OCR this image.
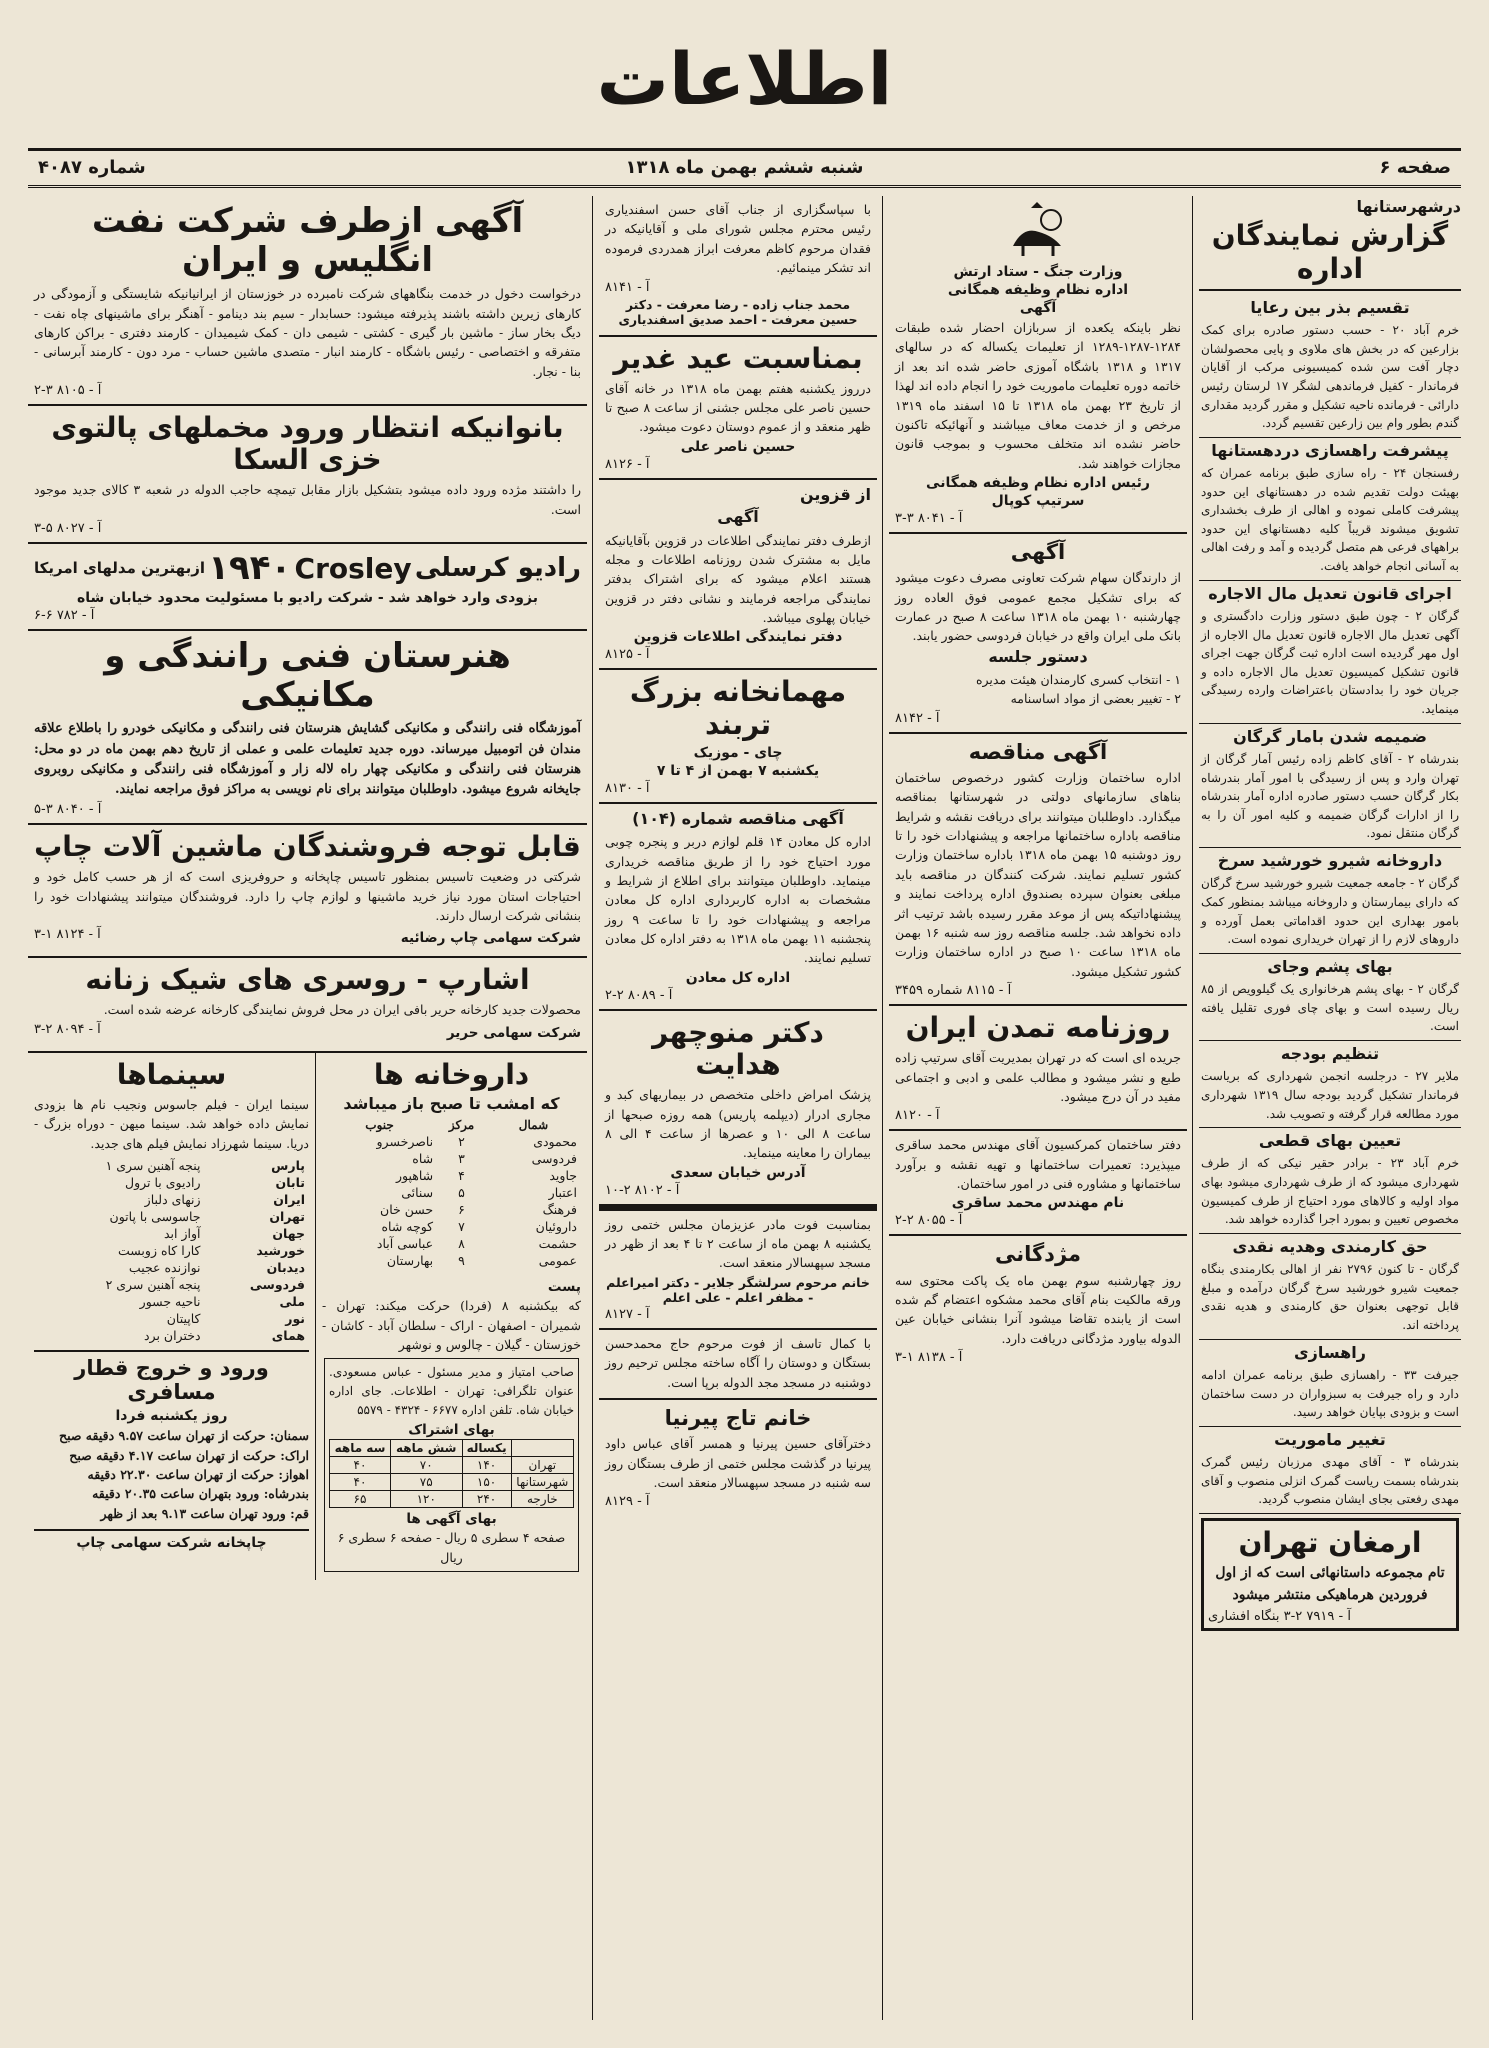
اطلاعات
صفحه ۶
شنبه ششم بهمن ماه ۱۳۱۸
شماره ۴۰۸۷
درشهرستانها
گزارش نمایندگان اداره
تقسیم بذر بین رعایا

خرم آباد ۲۰ - حسب دستور صادره برای کمک بزارعین که در بخش های ملاوی و پایی محصولشان دچار آفت سن شده کمیسیونی مرکب از آقایان فرماندار - کفیل فرماندهی لشگر ۱۷ لرستان رئیس دارائی - فرمانده ناحیه تشکیل و مقرر گردید مقداری گندم بطور وام بین زارعین تقسیم گردد.

پیشرفت راهسازی دردهستانها

رفسنجان ۲۴ - راه سازی طبق برنامه عمران که بهیئت دولت تقدیم شده در دهستانهای این حدود پیشرفت کاملی نموده و اهالی از طرف بخشداری تشویق میشوند قریباً کلیه دهستانهای این حدود براههای فرعی هم متصل گردیده و آمد و رفت اهالی به آسانی انجام خواهد یافت.

اجرای قانون تعدیل مال الاجاره

گرگان ۲ - چون طبق دستور وزارت دادگستری و آگهی تعدیل مال الاجاره قانون تعدیل مال الاجاره از اول مهر گردیده است اداره ثبت گرگان جهت اجرای قانون تشکیل کمیسیون تعدیل مال الاجاره داده و جریان خود را بدادستان باعتراضات وارده رسیدگی مینماید.

ضمیمه شدن بامار گرگان

بندرشاه ۲ - آقای کاظم زاده رئیس آمار گرگان از تهران وارد و پس از رسیدگی با امور آمار بندرشاه بکار گرگان حسب دستور صادره اداره آمار بندرشاه را از ادارات گرگان ضمیمه و کلیه امور آن را به گرگان منتقل نمود.

داروخانه شیرو خورشید سرخ

گرگان ۲ - جامعه جمعیت شیرو خورشید سرخ گرگان که دارای بیمارستان و داروخانه میباشد بمنظور کمک بامور بهداری این حدود اقداماتی بعمل آورده و داروهای لازم را از تهران خریداری نموده است.

بهای پشم وجای

گرگان ۲ - بهای پشم هرخانواری یک گیلوویص از ۸۵ ریال رسیده است و بهای چای فوری تقلیل یافته است.

تنظیم بودجه

ملایر ۲۷ - درجلسه انجمن شهرداری که بریاست فرماندار تشکیل گردید بودجه سال ۱۳۱۹ شهرداری مورد مطالعه قرار گرفته و تصویب شد.

تعیین بهای قطعی

خرم آباد ۲۳ - برادر حقیر نیکی که از طرف شهرداری میشود که از طرف شهرداری میشود بهای مواد اولیه و کالاهای مورد احتیاج از طرف کمیسیون مخصوص تعیین و بمورد اجرا گذارده خواهد شد.

حق کارمندی وهدیه نقدی

گرگان - تا کنون ۲۷۹۶ نفر از اهالی بکارمندی بنگاه جمعیت شیرو خورشید سرخ گرگان درآمده و مبلغ قابل توجهی بعنوان حق کارمندی و هدیه نقدی پرداخته اند.

راهسازی

جیرفت ۳۳ - راهسازی طبق برنامه عمران ادامه دارد و راه جیرفت به سبزواران در دست ساختمان است و بزودی بپایان خواهد رسید.

تغییر ماموریت

بندرشاه ۳ - آقای مهدی مرزبان رئیس گمرک بندرشاه بسمت ریاست گمرک انزلی منصوب و آقای مهدی رفعتی بجای ایشان منصوب گردید.

ارمغان تهران

تام مجموعه داستانهائی است که از اول فروردین هرماهیکی منتشر میشود

آ - ۷۹۱۹ ۲-۳ بنگاه افشاری
وزارت جنگ - ستاد ارتش
اداره نظام وظیفه همگانی
آگهی

نظر باینکه یکعده از سربازان احضار شده طبقات ۱۲۸۴-۱۲۸۷-۱۲۸۹ از تعلیمات یکساله که در سالهای ۱۳۱۷ و ۱۳۱۸ باشگاه آموزی حاضر شده اند بعد از خاتمه دوره تعلیمات ماموریت خود را انجام داده اند لهذا از تاریخ ۲۳ بهمن ماه ۱۳۱۸ تا ۱۵ اسفند ماه ۱۳۱۹ مرخص و از خدمت معاف میباشند و آنهائیکه تاکنون حاضر نشده اند متخلف محسوب و بموجب قانون مجازات خواهند شد.

رئیس اداره نظام وظیفه همگانی
سرتیپ کوپال
آ - ۸۰۴۱ ۳-۳
آگهی

از دارندگان سهام شرکت تعاونی مصرف دعوت میشود که برای تشکیل مجمع عمومی فوق العاده روز چهارشنبه ۱۰ بهمن ماه ۱۳۱۸ ساعت ۸ صبح در عمارت بانک ملی ایران واقع در خیابان فردوسی حضور یابند.

دستور جلسه

۱ - انتخاب کسری کارمندان هیئت مدیره

۲ - تغییر بعضی از مواد اساسنامه

آ - ۸۱۴۲
آگهی مناقصه

اداره ساختمان وزارت کشور درخصوص ساختمان بناهای سازمانهای دولتی در شهرستانها بمناقصه میگذارد. داوطلبان میتوانند برای دریافت نقشه و شرایط مناقصه باداره ساختمانها مراجعه و پیشنهادات خود را تا روز دوشنبه ۱۵ بهمن ماه ۱۳۱۸ باداره ساختمان وزارت کشور تسلیم نمایند. شرکت کنندگان در مناقصه باید مبلغی بعنوان سپرده بصندوق اداره پرداخت نمایند و پیشنهاداتیکه پس از موعد مقرر رسیده باشد ترتیب اثر داده نخواهد شد. جلسه مناقصه روز سه شنبه ۱۶ بهمن ماه ۱۳۱۸ ساعت ۱۰ صبح در اداره ساختمان وزارت کشور تشکیل میشود.

آ - ۸۱۱۵ شماره ۳۴۵۹
روزنامه تمدن ایران

جریده ای است که در تهران بمدیریت آقای سرتیپ زاده طبع و نشر میشود و مطالب علمی و ادبی و اجتماعی مفید در آن درج میشود.

آ - ۸۱۲۰

دفتر ساختمان کمرکسیون آقای مهندس محمد ساقری میپذیرد: تعمیرات ساختمانها و تهیه نقشه و برآورد ساختمانها و مشاوره فنی در امور ساختمان.

نام مهندس محمد ساقری
آ - ۸۰۵۵ ۲-۲
مژدگانی

روز چهارشنبه سوم بهمن ماه یک پاکت محتوی سه ورقه مالکیت بنام آقای محمد مشکوه اعتضام گم شده است از یابنده تقاضا میشود آنرا بنشانی خیابان عین الدوله بیاورد مژدگانی دریافت دارد.

آ - ۸۱۳۸ ۱-۳

با سپاسگزاری از جناب آقای حسن اسفندیاری رئیس محترم مجلس شورای ملی و آقایانیکه در فقدان مرحوم کاظم معرفت ابراز همدردی فرموده اند تشکر مینمائیم.

آ - ۸۱۴۱
محمد جناب زاده - رضا معرفت - دکتر حسین معرفت - احمد صدیق اسفندیاری
بمناسبت عید غدیر

درروز یکشنبه هفتم بهمن ماه ۱۳۱۸ در خانه آقای حسین ناصر علی مجلس جشنی از ساعت ۸ صبح تا ظهر منعقد و از عموم دوستان دعوت میشود.

حسین ناصر علی
آ - ۸۱۲۶
از قزوین
آگهی

ازطرف دفتر نمایندگی اطلاعات در قزوین بآقایانیکه مایل به مشترک شدن روزنامه اطلاعات و مجله هستند اعلام میشود که برای اشتراک بدفتر نمایندگی مراجعه فرمایند و نشانی دفتر در قزوین خیابان پهلوی میباشد.

دفتر نمایندگی اطلاعات قزوین
آ - ۸۱۲۵
مهمانخانه بزرگ تربند
چای - موزیک
یکشنبه ۷ بهمن از ۴ تا ۷
آ - ۸۱۳۰
آگهی مناقصه شماره (۱۰۴)

اداره کل معادن ۱۴ قلم لوازم دربر و پنجره چوبی مورد احتیاج خود را از طریق مناقصه خریداری مینماید. داوطلبان میتوانند برای اطلاع از شرایط و مشخصات به اداره کاربرداری اداره کل معادن مراجعه و پیشنهادات خود را تا ساعت ۹ روز پنجشنبه ۱۱ بهمن ماه ۱۳۱۸ به دفتر اداره کل معادن تسلیم نمایند.

اداره کل معادن
آ - ۸۰۸۹ ۲-۲
دکتر منوچهر هدایت

پزشک امراض داخلی متخصص در بیماریهای کبد و مجاری ادرار (دیپلمه پاریس) همه روزه صبحها از ساعت ۸ الی ۱۰ و عصرها از ساعت ۴ الی ۸ بیماران را معاینه مینماید.

آدرس خیابان سعدی
آ - ۸۱۰۲ ۲-۱۰

بمناسبت فوت مادر عزیزمان مجلس ختمی روز یکشنبه ۸ بهمن ماه از ساعت ۲ تا ۴ بعد از ظهر در مسجد سپهسالار منعقد است.

خانم مرحوم سرلشگر جلایر - دکتر امیراعلم - مظفر اعلم - علی اعلم
آ - ۸۱۲۷

با کمال تاسف از فوت مرحوم حاج محمدحسن بستگان و دوستان را آگاه ساخته مجلس ترحیم روز دوشنبه در مسجد مجد الدوله برپا است.

خانم تاج پیرنیا

دخترآقای حسین پیرنیا و همسر آقای عباس داود پیرنیا در گذشت مجلس ختمی از طرف بستگان روز سه شنبه در مسجد سپهسالار منعقد است.

آ - ۸۱۲۹
آگهی ازطرف شرکت نفت انگلیس و ایران

درخواست دخول در خدمت بنگاههای شرکت نامبرده در خوزستان از ایرانیانیکه شایستگی و آزمودگی در کارهای زیرین داشته باشند پذیرفته میشود: حسابدار - سیم بند دینامو - آهنگر برای ماشینهای چاه نفت - دیگ بخار ساز - ماشین بار گیری - کشتی - شیمی دان - کمک شیمیدان - کارمند دفتری - براکن کارهای متفرقه و اختصاصی - رئیس باشگاه - کارمند انبار - متصدی ماشین حساب - مرد دون - کارمند آبرسانی - بنا - نجار.

آ - ۸۱۰۵ ۳-۲
بانوانیکه انتظار ورود مخملهای پالتوی خزی السکا

را داشتند مژده ورود داده میشود بتشکیل بازار مقابل تیمچه حاجب الدوله در شعبه ۳ کالای جدید موجود است.

آ - ۸۰۲۷ ۵-۳
رادیو کرسلی
Crosley
۱۹۴۰
ازبهترین مدلهای امریکا
بزودی وارد خواهد شد - شرکت رادیو با مسئولیت محدود خیابان شاه
آ - ۷۸۲ ۶-۶
هنرستان فنی رانندگی و مکانیکی

آموزشگاه فنی رانندگی و مکانیکی گشایش هنرستان فنی رانندگی و مکانیکی خودرو را باطلاع علاقه مندان فن اتومبیل میرساند. دوره جدید تعلیمات علمی و عملی از تاریخ دهم بهمن ماه در دو محل: هنرستان فنی رانندگی و مکانیکی چهار راه لاله زار و آموزشگاه فنی رانندگی و مکانیکی روبروی جایخانه شروع میشود. داوطلبان میتوانند برای نام نویسی به مراکز فوق مراجعه نمایند.

آ - ۸۰۴۰ ۳-۵
قابل توجه فروشندگان ماشین آلات چاپ

شرکتی در وضعیت تاسیس بمنظور تاسیس چاپخانه و حروفریزی است که از هر حسب کامل خود و احتیاجات استان مورد نیاز خرید ماشینها و لوازم چاپ را دارد. فروشندگان میتوانند پیشنهادات خود را بنشانی شرکت ارسال دارند.

شرکت سهامی چاپ رضائیه
آ - ۸۱۲۴ ۱-۳
اشارپ - روسری های شیک زنانه

محصولات جدید کارخانه حریر بافی ایران در محل فروش نمایندگی کارخانه عرضه شده است.

شرکت سهامی حریر
آ - ۸۰۹۴ ۲-۳
داروخانه ها
که امشب تا صبح باز میباشد
شمال	مرکز	جنوب
محمودی	۲	ناصرخسرو
فردوسی	۳	شاه
جاوید	۴	شاهپور
اعتبار	۵	سنائی
فرهنگ	۶	حسن خان
داروئیان	۷	کوچه شاه
حشمت	۸	عباسی آباد
عمومی	۹	بهارستان
پست

که بیکشنبه ۸ (فردا) حرکت میکند: تهران - شمیران - اصفهان - اراک - سلطان آباد - کاشان - خوزستان - گیلان - چالوس و نوشهر

صاحب امتیاز و مدیر مسئول - عباس مسعودی. عنوان تلگرافی: تهران - اطلاعات. جای اداره خیابان شاه. تلفن اداره ۶۶۷۷ - ۴۳۲۴ - ۵۵۷۹

بهای اشتراک
	یکساله	شش ماهه	سه ماهه
تهران	۱۴۰	۷۰	۴۰
شهرستانها	۱۵۰	۷۵	۴۰
خارجه	۲۴۰	۱۲۰	۶۵
بهای آگهی ها

صفحه ۴ سطری ۵ ریال - صفحه ۶ سطری ۶ ریال

سینماها

سینما ایران - فیلم جاسوس ونجیب نام ها بزودی نمایش داده خواهد شد. سینما میهن - دوراه بزرگ - دریا. سینما شهرزاد نمایش فیلم های جدید.

پارس	پنجه آهنین سری ۱
تابان	رادیوی با ترول
ایران	زنهای دلباز
تهران	جاسوسی با پاتون
جهان	آواز ابد
خورشید	کارا کاه زوبست
دیدبان	نوازنده عجیب
فردوسی	پنجه آهنین سری ۲
ملی	ناحیه جسور
نور	کاپیتان
همای	دختران برد
ورود و خروج قطار مسافری
روز یکشنبه فردا

سمنان: حرکت از تهران ساعت ۹.۵۷ دقیقه صبح

اراک: حرکت از تهران ساعت ۴.۱۷ دقیقه صبح

اهواز: حرکت از تهران ساعت ۲۲.۳۰ دقیقه

بندرشاه: ورود بتهران ساعت ۲۰.۳۵ دقیقه

قم: ورود تهران ساعت ۹.۱۳ بعد از ظهر

چاپخانه شرکت سهامی چاپ
